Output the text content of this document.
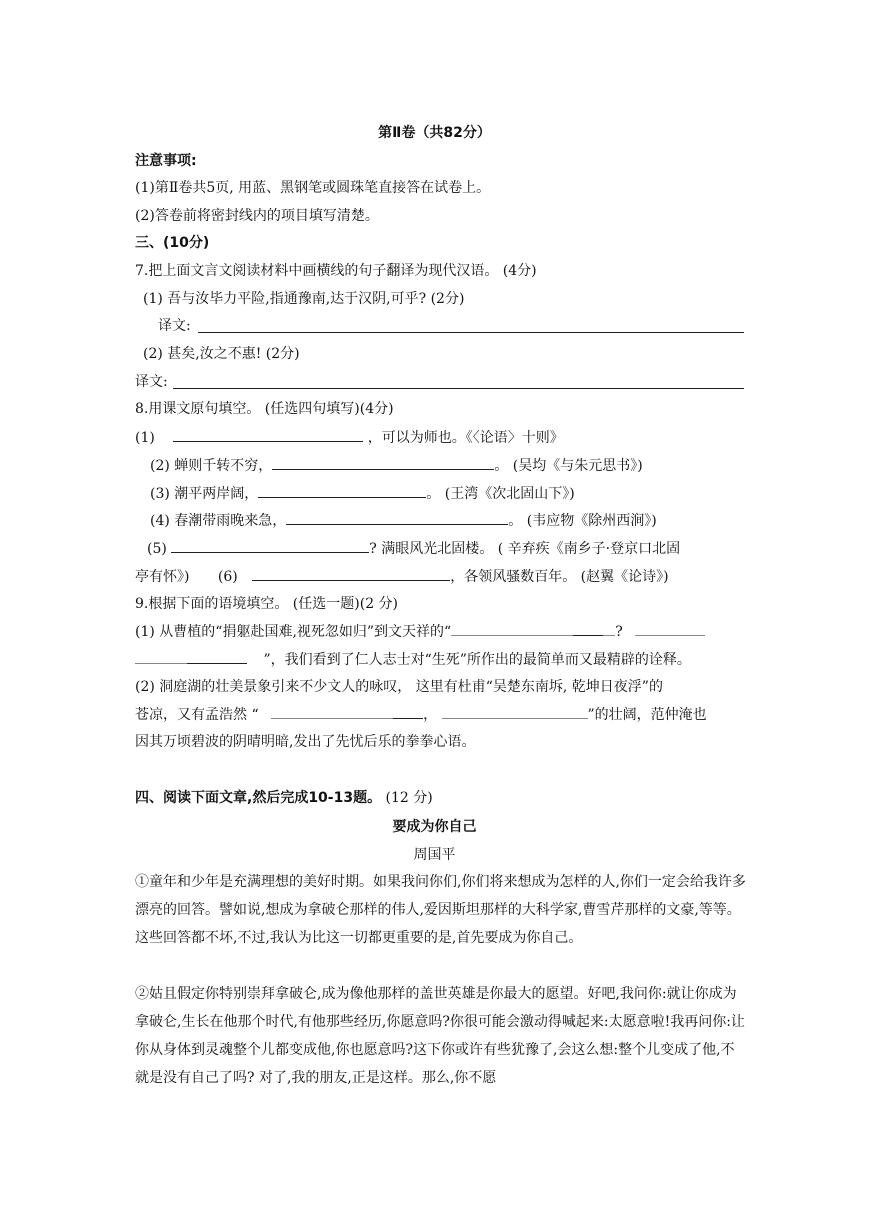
第Ⅱ卷（共82分）
注意事项:
(1)第Ⅱ卷共5页, 用蓝、黑钢笔或圆珠笔直接答在试卷上。
(2)答卷前将密封线内的项目填写清楚。
三、(10分)
7.把上面文言文阅读材料中画横线的句子翻译为现代汉语。 (4分)
(1) 吾与汝毕力平险,指通豫南,达于汉阴,可乎? (2分)
译文:
(2) 甚矣,汝之不惠! (2分)
译文:
8.用课文原句填空。 (任选四句填写)(4分)
(1)	，可以为师也。《〈论语〉十则》
(2) 蝉则千转不穷，	。 (吴均《与朱元思书》)
(3) 潮平两岸阔，	。 (王湾《次北固山下》)
(4) 春潮带雨晚来急，	。 (韦应物《除州西涧》)
(5)	? 满眼风光北固楼。 ( 辛弃疾《南乡子·登京口北固
亭有怀》) (6)	，各领风骚数百年。 (赵翼《论诗》)
9.根据下面的语境填空。 (任选一题)(2 分)
(1) 从曹植的“捐躯赴国难,视死忽如归”到文天祥的“	?
”，我们看到了仁人志士对“生死”所作出的最简单而又最精辟的诠释。
(2) 洞庭湖的壮美景象引来不少文人的咏叹， 这里有杜甫“吴楚东南坼, 乾坤日夜浮”的
苍凉，又有孟浩然 “	，	”的壮阔，范仲淹也
因其万顷碧波的阴晴明暗,发出了先忧后乐的拳拳心语。
四、阅读下面文章,然后完成10-13题。 (12 分)
要成为你自己
周国平
①童年和少年是充满理想的美好时期。如果我问你们,你们将来想成为怎样的人,你们一定会给我许多漂亮的回答。譬如说,想成为拿破仑那样的伟人,爱因斯坦那样的大科学家,曹雪芹那样的文豪,等等。这些回答都不坏,不过,我认为比这一切都更重要的是,首先要成为你自己。
②姑且假定你特别崇拜拿破仑,成为像他那样的盖世英雄是你最大的愿望。好吧,我问你:就让你成为拿破仑,生长在他那个时代,有他那些经历,你愿意吗?你很可能会激动得喊起来:太愿意啦!我再问你:让你从身体到灵魂整个儿都变成他,你也愿意吗?这下你或许有些犹豫了,会这么想:整个儿变成了他,不就是没有自己了吗? 对了,我的朋友,正是这样。那么,你不愿
